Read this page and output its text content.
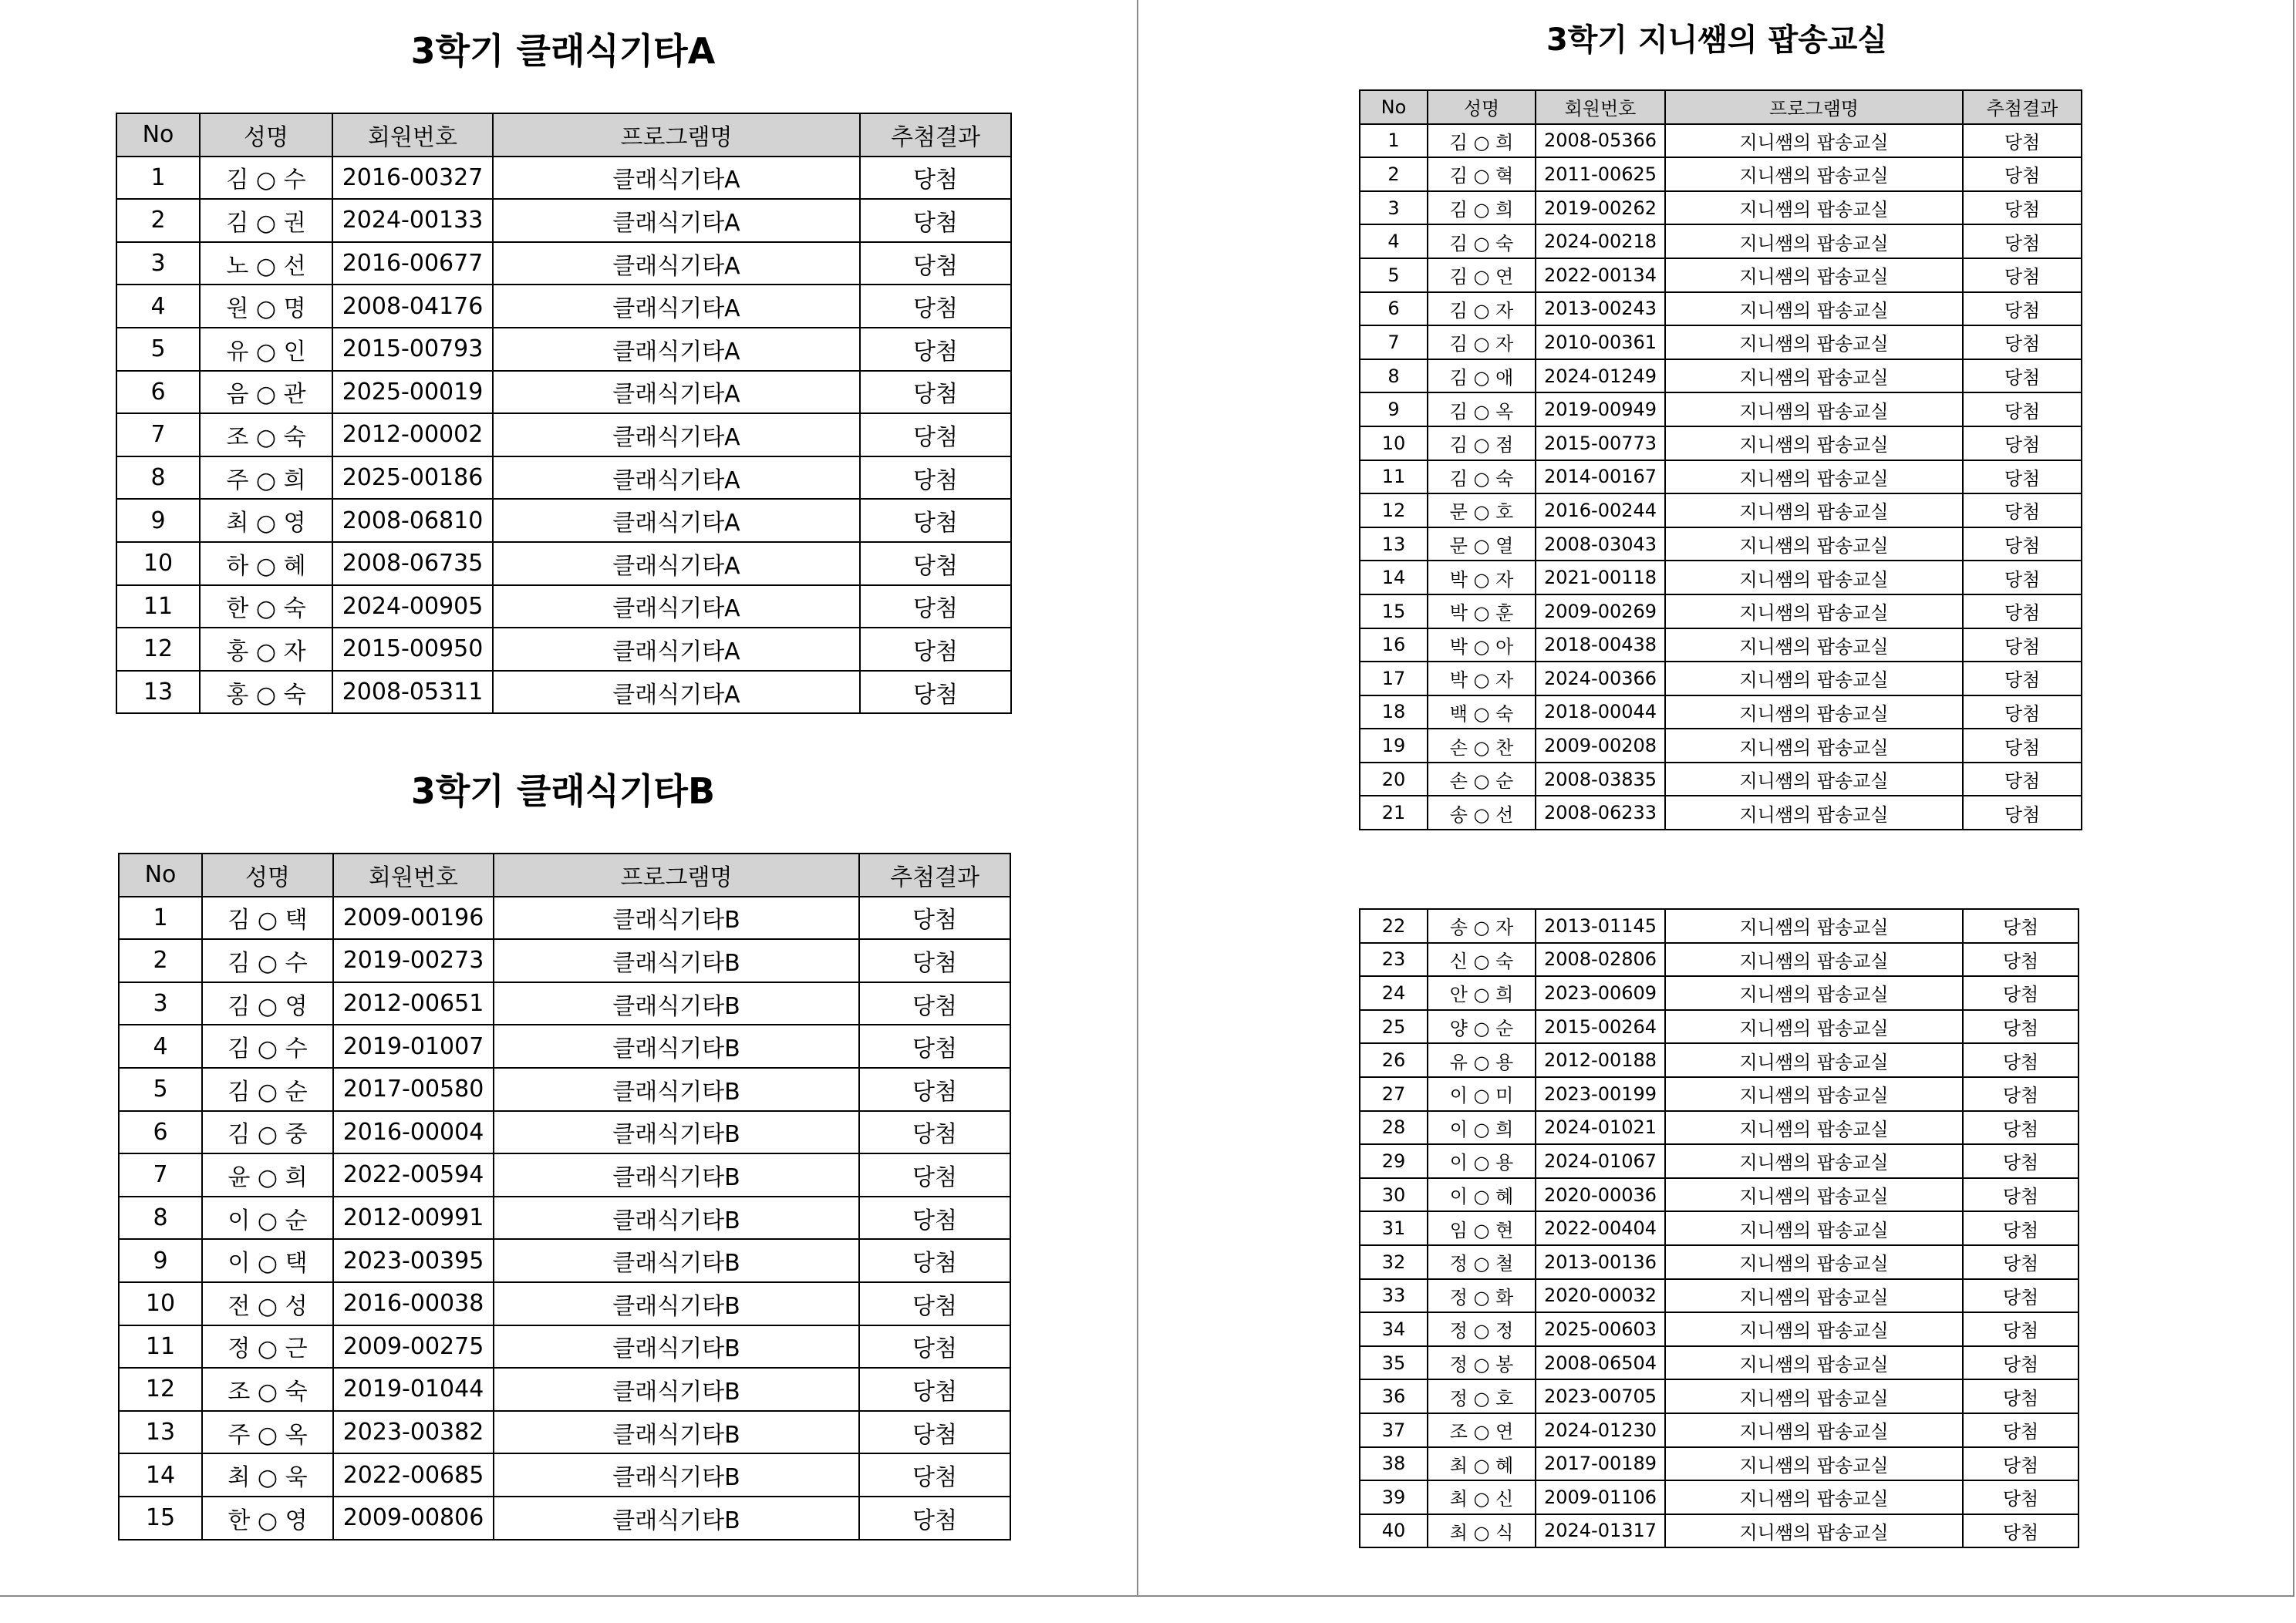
3학기 클래식기타A
No	성명	회원번호	프로그램명	추첨결과
1	김 ○ 수	2016-00327	클래식기타A	당첨
2	김 ○ 권	2024-00133	클래식기타A	당첨
3	노 ○ 선	2016-00677	클래식기타A	당첨
4	원 ○ 명	2008-04176	클래식기타A	당첨
5	유 ○ 인	2015-00793	클래식기타A	당첨
6	음 ○ 관	2025-00019	클래식기타A	당첨
7	조 ○ 숙	2012-00002	클래식기타A	당첨
8	주 ○ 희	2025-00186	클래식기타A	당첨
9	최 ○ 영	2008-06810	클래식기타A	당첨
10	하 ○ 혜	2008-06735	클래식기타A	당첨
11	한 ○ 숙	2024-00905	클래식기타A	당첨
12	홍 ○ 자	2015-00950	클래식기타A	당첨
13	홍 ○ 숙	2008-05311	클래식기타A	당첨
3학기 클래식기타B
No	성명	회원번호	프로그램명	추첨결과
1	김 ○ 택	2009-00196	클래식기타B	당첨
2	김 ○ 수	2019-00273	클래식기타B	당첨
3	김 ○ 영	2012-00651	클래식기타B	당첨
4	김 ○ 수	2019-01007	클래식기타B	당첨
5	김 ○ 순	2017-00580	클래식기타B	당첨
6	김 ○ 중	2016-00004	클래식기타B	당첨
7	윤 ○ 희	2022-00594	클래식기타B	당첨
8	이 ○ 순	2012-00991	클래식기타B	당첨
9	이 ○ 택	2023-00395	클래식기타B	당첨
10	전 ○ 성	2016-00038	클래식기타B	당첨
11	정 ○ 근	2009-00275	클래식기타B	당첨
12	조 ○ 숙	2019-01044	클래식기타B	당첨
13	주 ○ 옥	2023-00382	클래식기타B	당첨
14	최 ○ 욱	2022-00685	클래식기타B	당첨
15	한 ○ 영	2009-00806	클래식기타B	당첨
3학기 지니쌤의 팝송교실
No	성명	회원번호	프로그램명	추첨결과
1	김 ○ 희	2008-05366	지니쌤의 팝송교실	당첨
2	김 ○ 혁	2011-00625	지니쌤의 팝송교실	당첨
3	김 ○ 희	2019-00262	지니쌤의 팝송교실	당첨
4	김 ○ 숙	2024-00218	지니쌤의 팝송교실	당첨
5	김 ○ 연	2022-00134	지니쌤의 팝송교실	당첨
6	김 ○ 자	2013-00243	지니쌤의 팝송교실	당첨
7	김 ○ 자	2010-00361	지니쌤의 팝송교실	당첨
8	김 ○ 애	2024-01249	지니쌤의 팝송교실	당첨
9	김 ○ 옥	2019-00949	지니쌤의 팝송교실	당첨
10	김 ○ 점	2015-00773	지니쌤의 팝송교실	당첨
11	김 ○ 숙	2014-00167	지니쌤의 팝송교실	당첨
12	문 ○ 호	2016-00244	지니쌤의 팝송교실	당첨
13	문 ○ 열	2008-03043	지니쌤의 팝송교실	당첨
14	박 ○ 자	2021-00118	지니쌤의 팝송교실	당첨
15	박 ○ 훈	2009-00269	지니쌤의 팝송교실	당첨
16	박 ○ 아	2018-00438	지니쌤의 팝송교실	당첨
17	박 ○ 자	2024-00366	지니쌤의 팝송교실	당첨
18	백 ○ 숙	2018-00044	지니쌤의 팝송교실	당첨
19	손 ○ 찬	2009-00208	지니쌤의 팝송교실	당첨
20	손 ○ 순	2008-03835	지니쌤의 팝송교실	당첨
21	송 ○ 선	2008-06233	지니쌤의 팝송교실	당첨
22	송 ○ 자	2013-01145	지니쌤의 팝송교실	당첨
23	신 ○ 숙	2008-02806	지니쌤의 팝송교실	당첨
24	안 ○ 희	2023-00609	지니쌤의 팝송교실	당첨
25	양 ○ 순	2015-00264	지니쌤의 팝송교실	당첨
26	유 ○ 용	2012-00188	지니쌤의 팝송교실	당첨
27	이 ○ 미	2023-00199	지니쌤의 팝송교실	당첨
28	이 ○ 희	2024-01021	지니쌤의 팝송교실	당첨
29	이 ○ 용	2024-01067	지니쌤의 팝송교실	당첨
30	이 ○ 혜	2020-00036	지니쌤의 팝송교실	당첨
31	임 ○ 현	2022-00404	지니쌤의 팝송교실	당첨
32	정 ○ 철	2013-00136	지니쌤의 팝송교실	당첨
33	정 ○ 화	2020-00032	지니쌤의 팝송교실	당첨
34	정 ○ 정	2025-00603	지니쌤의 팝송교실	당첨
35	정 ○ 봉	2008-06504	지니쌤의 팝송교실	당첨
36	정 ○ 호	2023-00705	지니쌤의 팝송교실	당첨
37	조 ○ 연	2024-01230	지니쌤의 팝송교실	당첨
38	최 ○ 혜	2017-00189	지니쌤의 팝송교실	당첨
39	최 ○ 신	2009-01106	지니쌤의 팝송교실	당첨
40	최 ○ 식	2024-01317	지니쌤의 팝송교실	당첨
